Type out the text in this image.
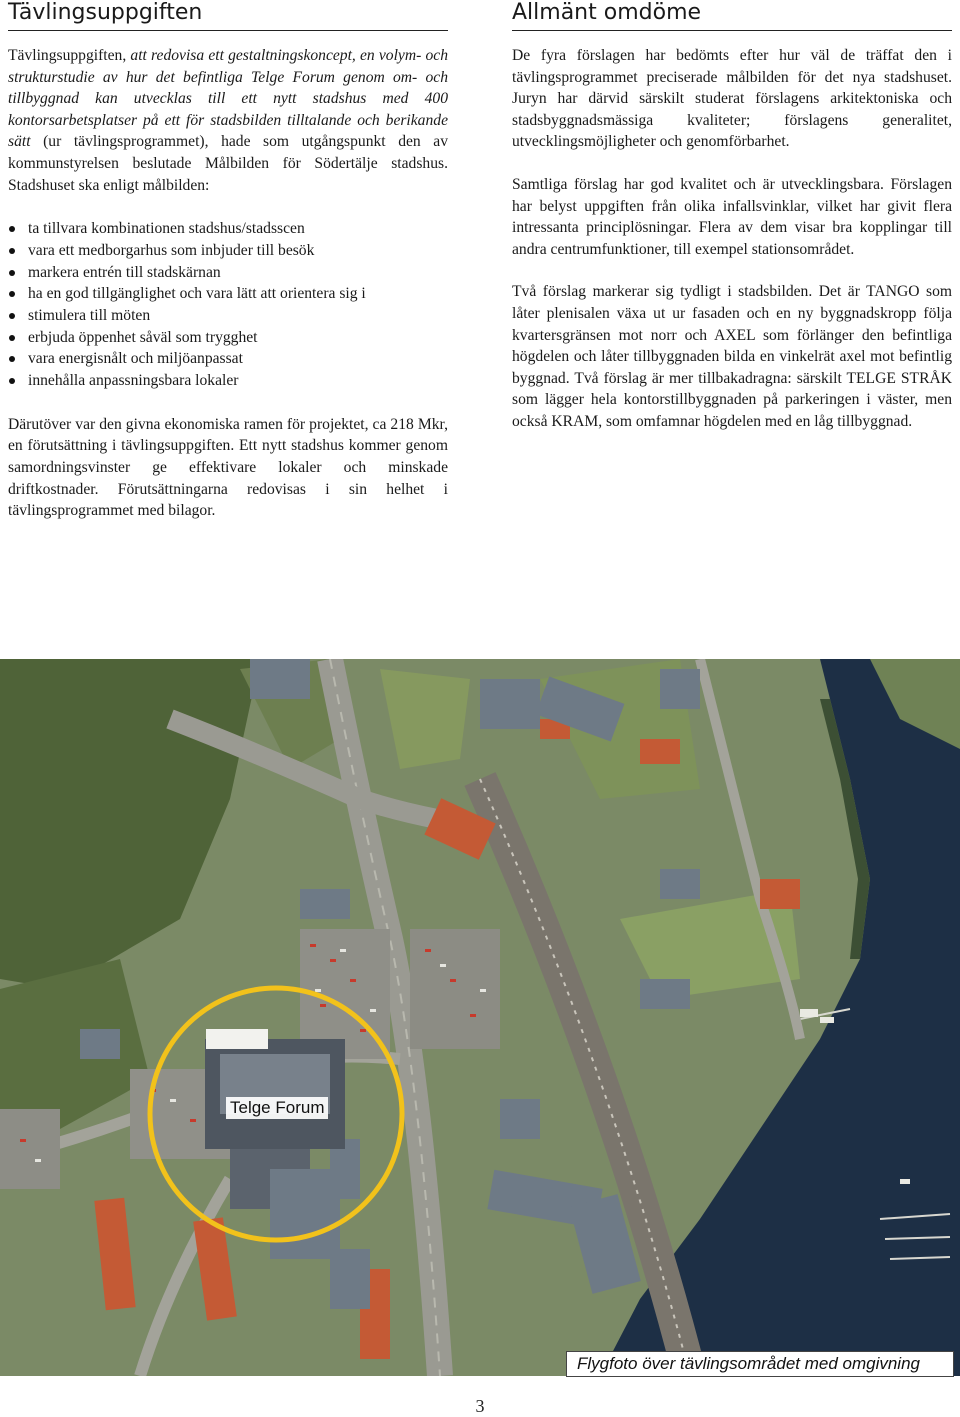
Tävlingsuppgiften

Tävlingsuppgiften, att redovisa ett gestaltningskoncept, en volym- och strukturstudie av hur det befintliga Telge Forum genom om- och tillbyggnad kan utvecklas till ett nytt stadshus med 400 kontorsarbetsplatser på ett för stadsbilden tilltalande och berikande sätt (ur tävlingsprogrammet), hade som utgångspunkt den av kommunstyrelsen beslutade Målbilden för Södertälje stadshus. Stadshuset ska enligt målbilden:

ta tillvara kombinationen stadshus/stadsscen
vara ett medborgarhus som inbjuder till besök
markera entrén till stadskärnan
ha en god tillgänglighet och vara lätt att orientera sig i
stimulera till möten
erbjuda öppenhet såväl som trygghet
vara energisnålt och miljöanpassat
innehålla anpassningsbara lokaler

Därutöver var den givna ekonomiska ramen för projektet, ca 218 Mkr, en förutsättning i tävlingsuppgiften. Ett nytt stadshus kommer genom samordningsvinster ge effektivare lokaler och minskade driftkostnader. Förutsättningarna redovisas i sin helhet i tävlingsprogrammet med bilagor.

Allmänt omdöme

De fyra förslagen har bedömts efter hur väl de träffat den i tävlingsprogrammet preciserade målbilden för det nya stadshuset. Juryn har därvid särskilt studerat förslagens arkitektoniska och stadsbyggnadsmässiga kvaliteter; förslagens generalitet, utvecklingsmöjligheter och genomförbarhet.

Samtliga förslag har god kvalitet och är utvecklingsbara. Förslagen har belyst uppgiften från olika infallsvinklar, vilket har givit flera intressanta principlösningar. Flera av dem visar bra kopplingar till andra centrumfunktioner, till exempel stationsområdet.

Två förslag markerar sig tydligt i stadsbilden. Det är TANGO som låter plenisalen växa ut ur fasaden och en ny byggnadskropp följa kvartersgränsen mot norr och AXEL som förlänger den befintliga högdelen och låter tillbyggnaden bilda en vinkelrät axel mot befintlig byggnad. Två förslag är mer tillbakadragna: särskilt TELGE STRÅK som lägger hela kontorstillbyggnaden på parkeringen i väster, men också KRAM, som omfamnar högdelen med en låg tillbyggnad.

Telge Forum
Flygfoto över tävlingsområdet med omgivning
3
